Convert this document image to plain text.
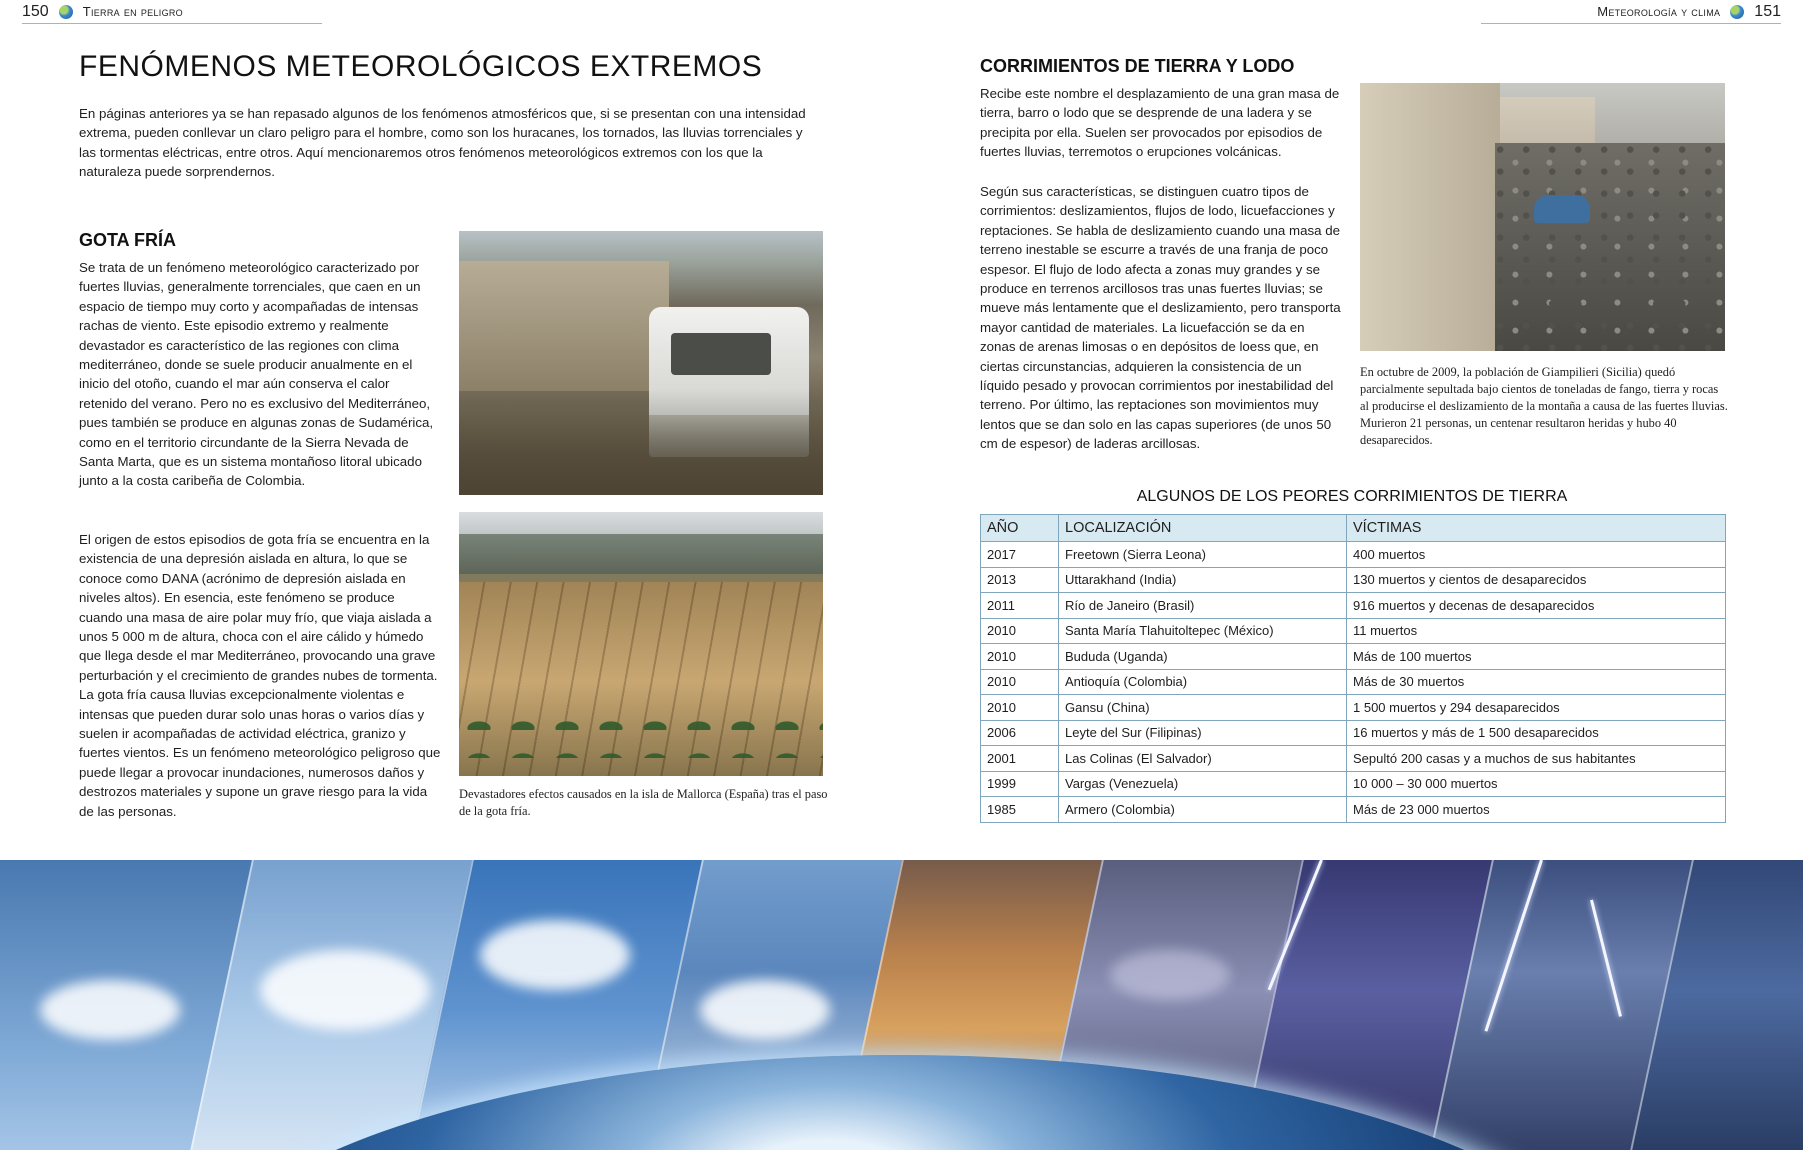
150	Tierra en peligro	Meteorología y clima 151
FENÓMENOS METEOROLÓGICOS EXTREMOS

En páginas anteriores ya se han repasado algunos de los fenómenos atmosféricos que, si se presentan con una intensidad extrema, pueden conllevar un claro peligro para el hombre, como son los huracanes, los tornados, las lluvias torrenciales y las tormentas eléctricas, entre otros. Aquí mencionaremos otros fenómenos meteorológicos extremos con los que la naturaleza puede sorprendernos.

GOTA FRÍA

Se trata de un fenómeno meteorológico caracterizado por fuertes lluvias, generalmente torrenciales, que caen en un espacio de tiempo muy corto y acompañadas de intensas rachas de viento. Este episodio extremo y realmente devastador es característico de las regiones con clima mediterráneo, donde se suele producir anualmente en el inicio del otoño, cuando el mar aún conserva el calor retenido del verano. Pero no es exclusivo del Mediterráneo, pues también se produce en algunas zonas de Sudamérica, como en el territorio circundante de la Sierra Nevada de Santa Marta, que es un sistema montañoso litoral ubicado junto a la costa caribeña de Colombia.

El origen de estos episodios de gota fría se encuentra en la existencia de una depresión aislada en altura, lo que se conoce como DANA (acrónimo de depresión aislada en niveles altos). En esencia, este fenómeno se produce cuando una masa de aire polar muy frío, que viaja aislada a unos 5 000 m de altura, choca con el aire cálido y húmedo que llega desde el mar Mediterráneo, provocando una grave perturbación y el crecimiento de grandes nubes de tormenta. La gota fría causa lluvias excepcionalmente violentas e intensas que pueden durar solo unas horas o varios días y suelen ir acompañadas de actividad eléctrica, granizo y fuertes vientos. Es un fenómeno meteorológico peligroso que puede llegar a provocar inundaciones, numerosos daños y destrozos materiales y supone un grave riesgo para la vida de las personas.

Devastadores efectos causados en la isla de Mallorca (España) tras el paso de la gota fría.

CORRIMIENTOS DE TIERRA Y LODO

Recibe este nombre el desplazamiento de una gran masa de tierra, barro o lodo que se desprende de una ladera y se precipita por ella. Suelen ser provocados por episodios de fuertes lluvias, terremotos o erupciones volcánicas.

Según sus características, se distinguen cuatro tipos de corrimientos: deslizamientos, flujos de lodo, licuefacciones y reptaciones. Se habla de deslizamiento cuando una masa de terreno inestable se escurre a través de una franja de poco espesor. El flujo de lodo afecta a zonas muy grandes y se produce en terrenos arcillosos tras unas fuertes lluvias; se mueve más lentamente que el deslizamiento, pero transporta mayor cantidad de materiales. La licuefacción se da en zonas de arenas limosas o en depósitos de loess que, en ciertas circunstancias, adquieren la consistencia de un líquido pesado y provocan corrimientos por inestabilidad del terreno. Por último, las reptaciones son movimientos muy lentos que se dan solo en las capas superiores (de unos 50 cm de espesor) de laderas arcillosas.

En octubre de 2009, la población de Giampilieri (Sicilia) quedó parcialmente sepultada bajo cientos de toneladas de fango, tierra y rocas al producirse el deslizamiento de la montaña a causa de las fuertes lluvias. Murieron 21 personas, un centenar resultaron heridas y hubo 40 desaparecidos.

ALGUNOS DE LOS PEORES CORRIMIENTOS DE TIERRA
AÑO	LOCALIZACIÓN	VÍCTIMAS
2017	Freetown (Sierra Leona)	400 muertos
2013	Uttarakhand (India)	130 muertos y cientos de desaparecidos
2011	Río de Janeiro (Brasil)	916 muertos y decenas de desaparecidos
2010	Santa María Tlahuitoltepec (México)	11 muertos
2010	Bududa (Uganda)	Más de 100 muertos
2010	Antioquía (Colombia)	Más de 30 muertos
2010	Gansu (China)	1 500 muertos y 294 desaparecidos
2006	Leyte del Sur (Filipinas)	16 muertos y más de 1 500 desaparecidos
2001	Las Colinas (El Salvador)	Sepultó 200 casas y a muchos de sus habitantes
1999	Vargas (Venezuela)	10 000 – 30 000 muertos
1985	Armero (Colombia)	Más de 23 000 muertos
